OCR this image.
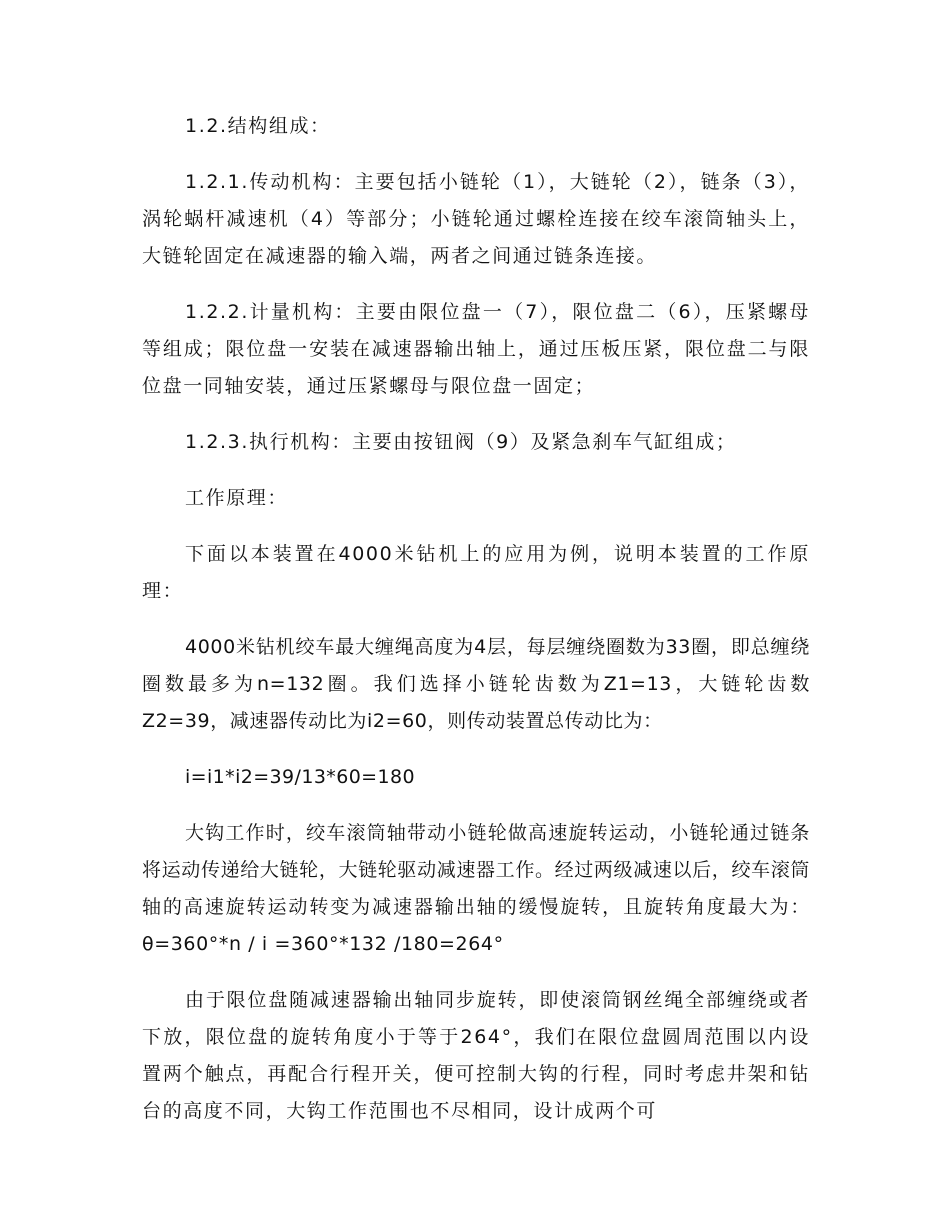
1.2.结构组成：

1.2.1.传动机构：主要包括小链轮（1），大链轮（2），链条（3），涡轮蜗杆减速机（4）等部分；小链轮通过螺栓连接在绞车滚筒轴头上，大链轮固定在减速器的输入端，两者之间通过链条连接。

1.2.2.计量机构：主要由限位盘一（7），限位盘二（6），压紧螺母等组成；限位盘一安装在减速器输出轴上，通过压板压紧，限位盘二与限位盘一同轴安装，通过压紧螺母与限位盘一固定；

1.2.3.执行机构：主要由按钮阀（9）及紧急刹车气缸组成；

工作原理：

下面以本装置在4000米钻机上的应用为例，说明本装置的工作原理：

4000米钻机绞车最大缠绳高度为4层，每层缠绕圈数为33圈，即总缠绕圈数最多为n=132圈。我们选择小链轮齿数为Z1=13，大链轮齿数Z2=39，减速器传动比为i2=60，则传动装置总传动比为：

i=i1*i2=39/13*60=180

大钩工作时，绞车滚筒轴带动小链轮做高速旋转运动，小链轮通过链条将运动传递给大链轮，大链轮驱动减速器工作。经过两级减速以后，绞车滚筒轴的高速旋转运动转变为减速器输出轴的缓慢旋转，且旋转角度最大为：θ=360°*n / i =360°*132 /180=264°

由于限位盘随减速器输出轴同步旋转，即使滚筒钢丝绳全部缠绕或者下放，限位盘的旋转角度小于等于264°，我们在限位盘圆周范围以内设置两个触点，再配合行程开关，便可控制大钩的行程，同时考虑井架和钻台的高度不同，大钩工作范围也不尽相同，设计成两个可
